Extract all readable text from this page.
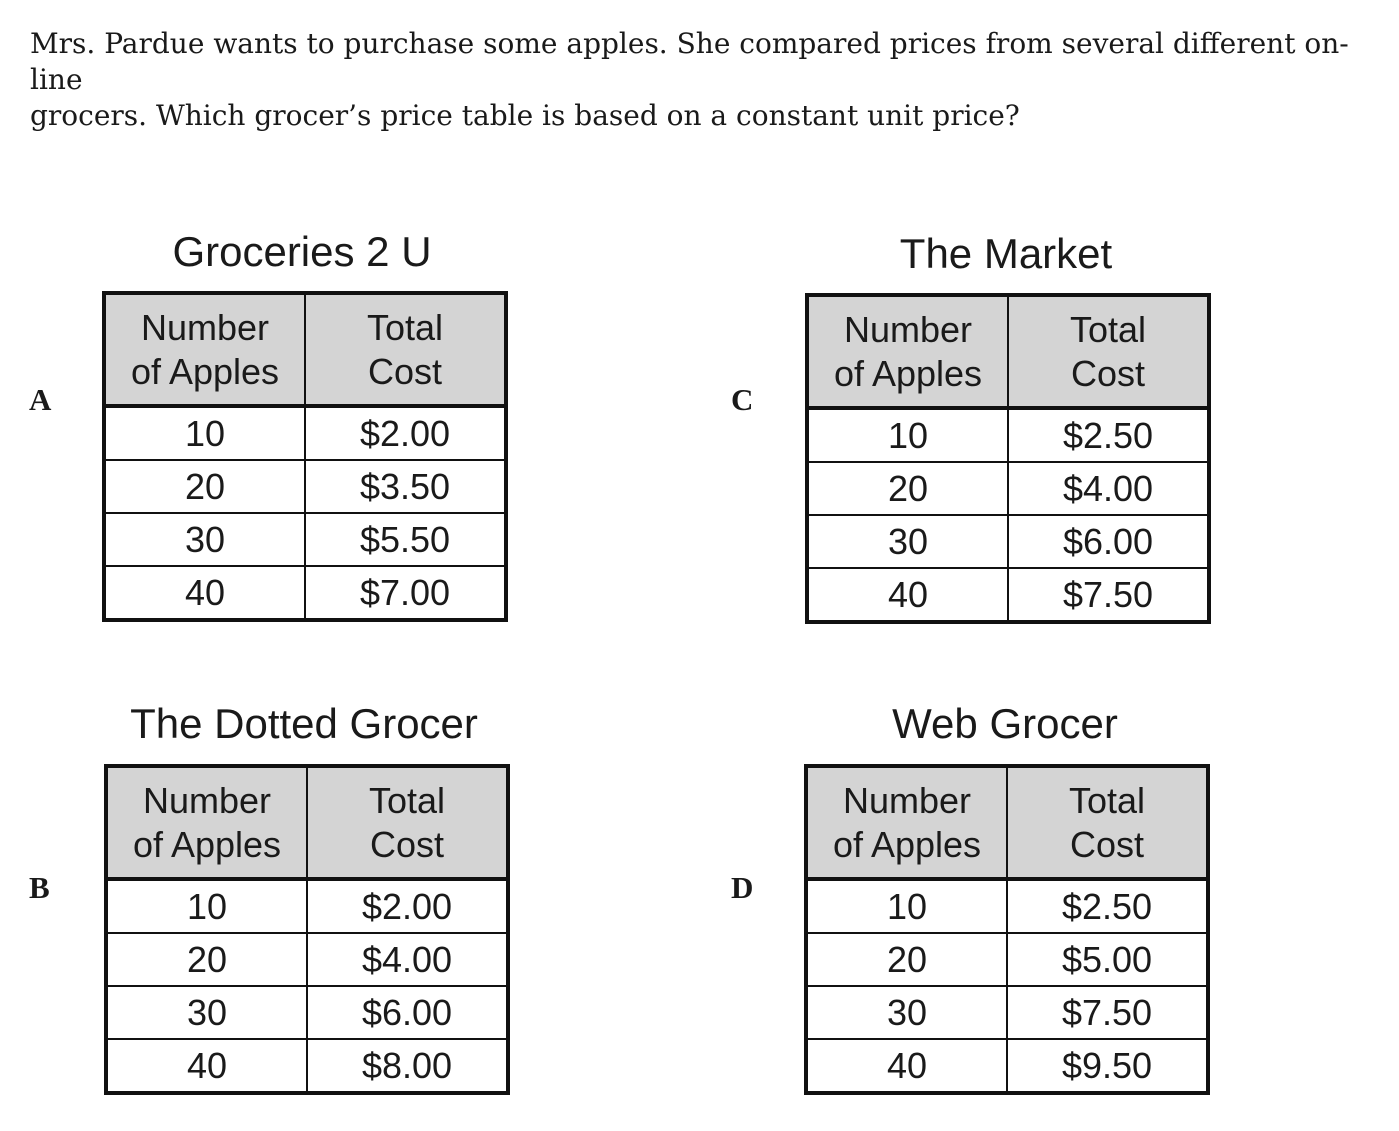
Mrs. Pardue wants to purchase some apples. She compared prices from several different on-line
grocers. Which grocer’s price table is based on a constant unit price?

A
Groceries 2 U
Number
of Apples	Total
Cost

10	$2.00
20	$3.50
30	$5.50
40	$7.00
B
The Dotted Grocer
Number
of Apples	Total
Cost

10	$2.00
20	$4.00
30	$6.00
40	$8.00
C
The Market
Number
of Apples	Total
Cost

10	$2.50
20	$4.00
30	$6.00
40	$7.50
D
Web Grocer
Number
of Apples	Total
Cost

10	$2.50
20	$5.00
30	$7.50
40	$9.50
